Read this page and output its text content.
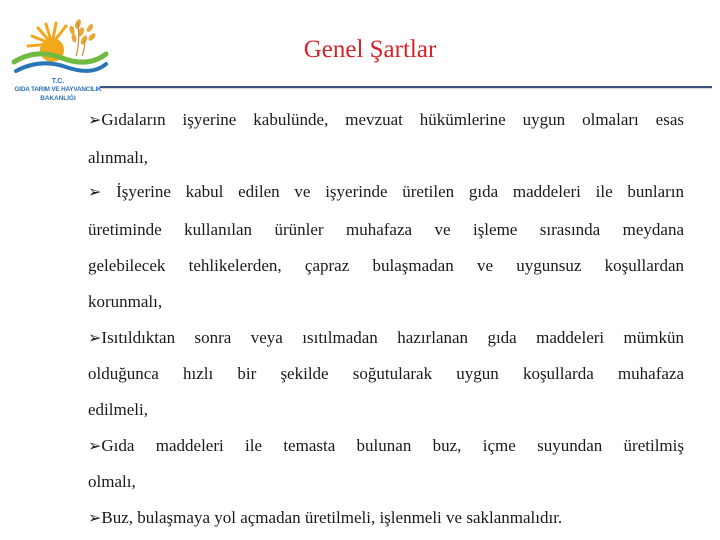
T.C.
GIDA TARIM VE HAYVANCILIK
BAKANLIĞI
Genel Şartlar
➢Gıdaların işyerine kabulünde, mevzuat hükümlerine uygun olmaları esas
alınmalı,
➢ İşyerine kabul edilen ve işyerinde üretilen gıda maddeleri ile bunların
üretiminde kullanılan ürünler muhafaza ve işleme sırasında meydana
gelebilecek tehlikelerden, çapraz bulaşmadan ve uygunsuz koşullardan
korunmalı,
➢Isıtıldıktan sonra veya ısıtılmadan hazırlanan gıda maddeleri mümkün
olduğunca hızlı bir şekilde soğutularak uygun koşullarda muhafaza
edilmeli,
➢Gıda maddeleri ile temasta bulunan buz, içme suyundan üretilmiş
olmalı,
➢Buz, bulaşmaya yol açmadan üretilmeli, işlenmeli ve saklanmalıdır.
